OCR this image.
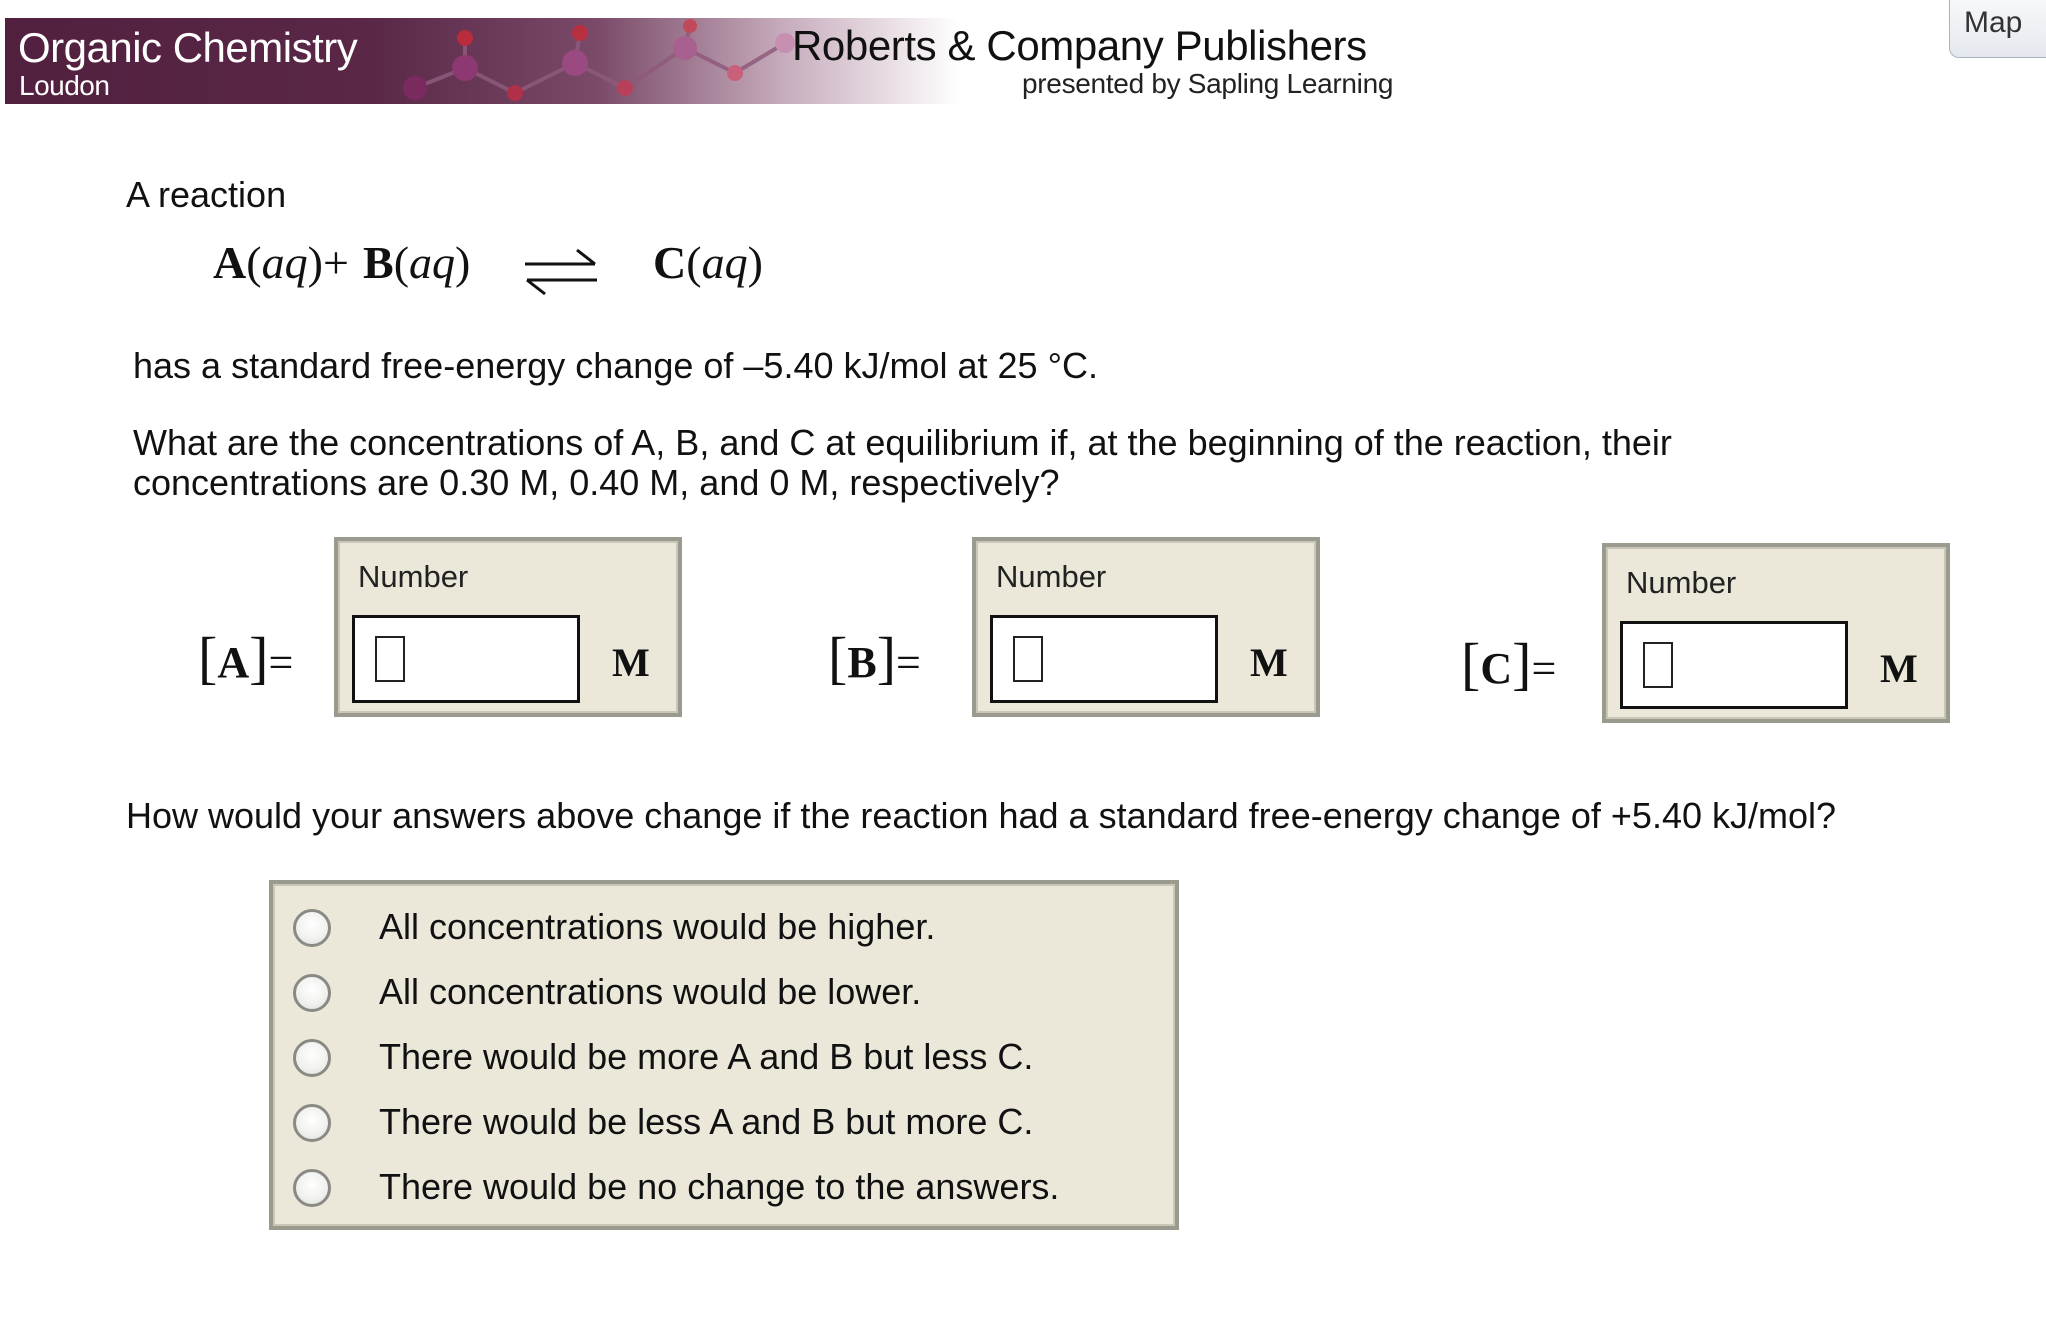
Organic Chemistry
Loudon
Roberts & Company Publishers
presented by Sapling Learning
Map
A reaction
A(aq) + B(aq) ⇌ C(aq)
has a standard free-energy change of –5.40 kJ/mol at 25 °C.
What are the concentrations of A, B, and C at equilibrium if, at the beginning of the reaction, their
concentrations are 0.30 M, 0.40 M, and 0 M, respectively?
[A]=
Number
M	[B]=
Number
M	[C]=
Number
M
How would your answers above change if the reaction had a standard free-energy change of +5.40 kJ/mol?
All concentrations would be higher.
All concentrations would be lower.
There would be more A and B but less C.
There would be less A and B but more C.
There would be no change to the answers.
